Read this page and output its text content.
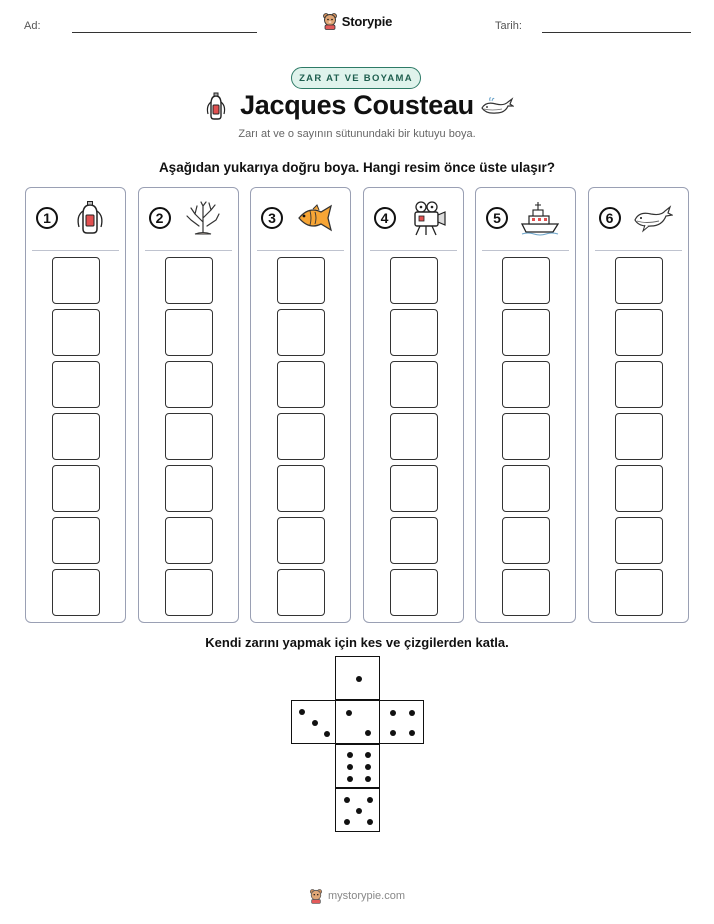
Ad:	Tarih:
Storypie
ZAR AT VE BOYAMA
Jacques Cousteau
Zarı at ve o sayının sütunundaki bir kutuyu boya.
Aşağıdan yukarıya doğru boya. Hangi resim önce üste ulaşır?
1	2	3	4	5	6
Kendi zarını yapmak için kes ve çizgilerden katla.
mystorypie.com
